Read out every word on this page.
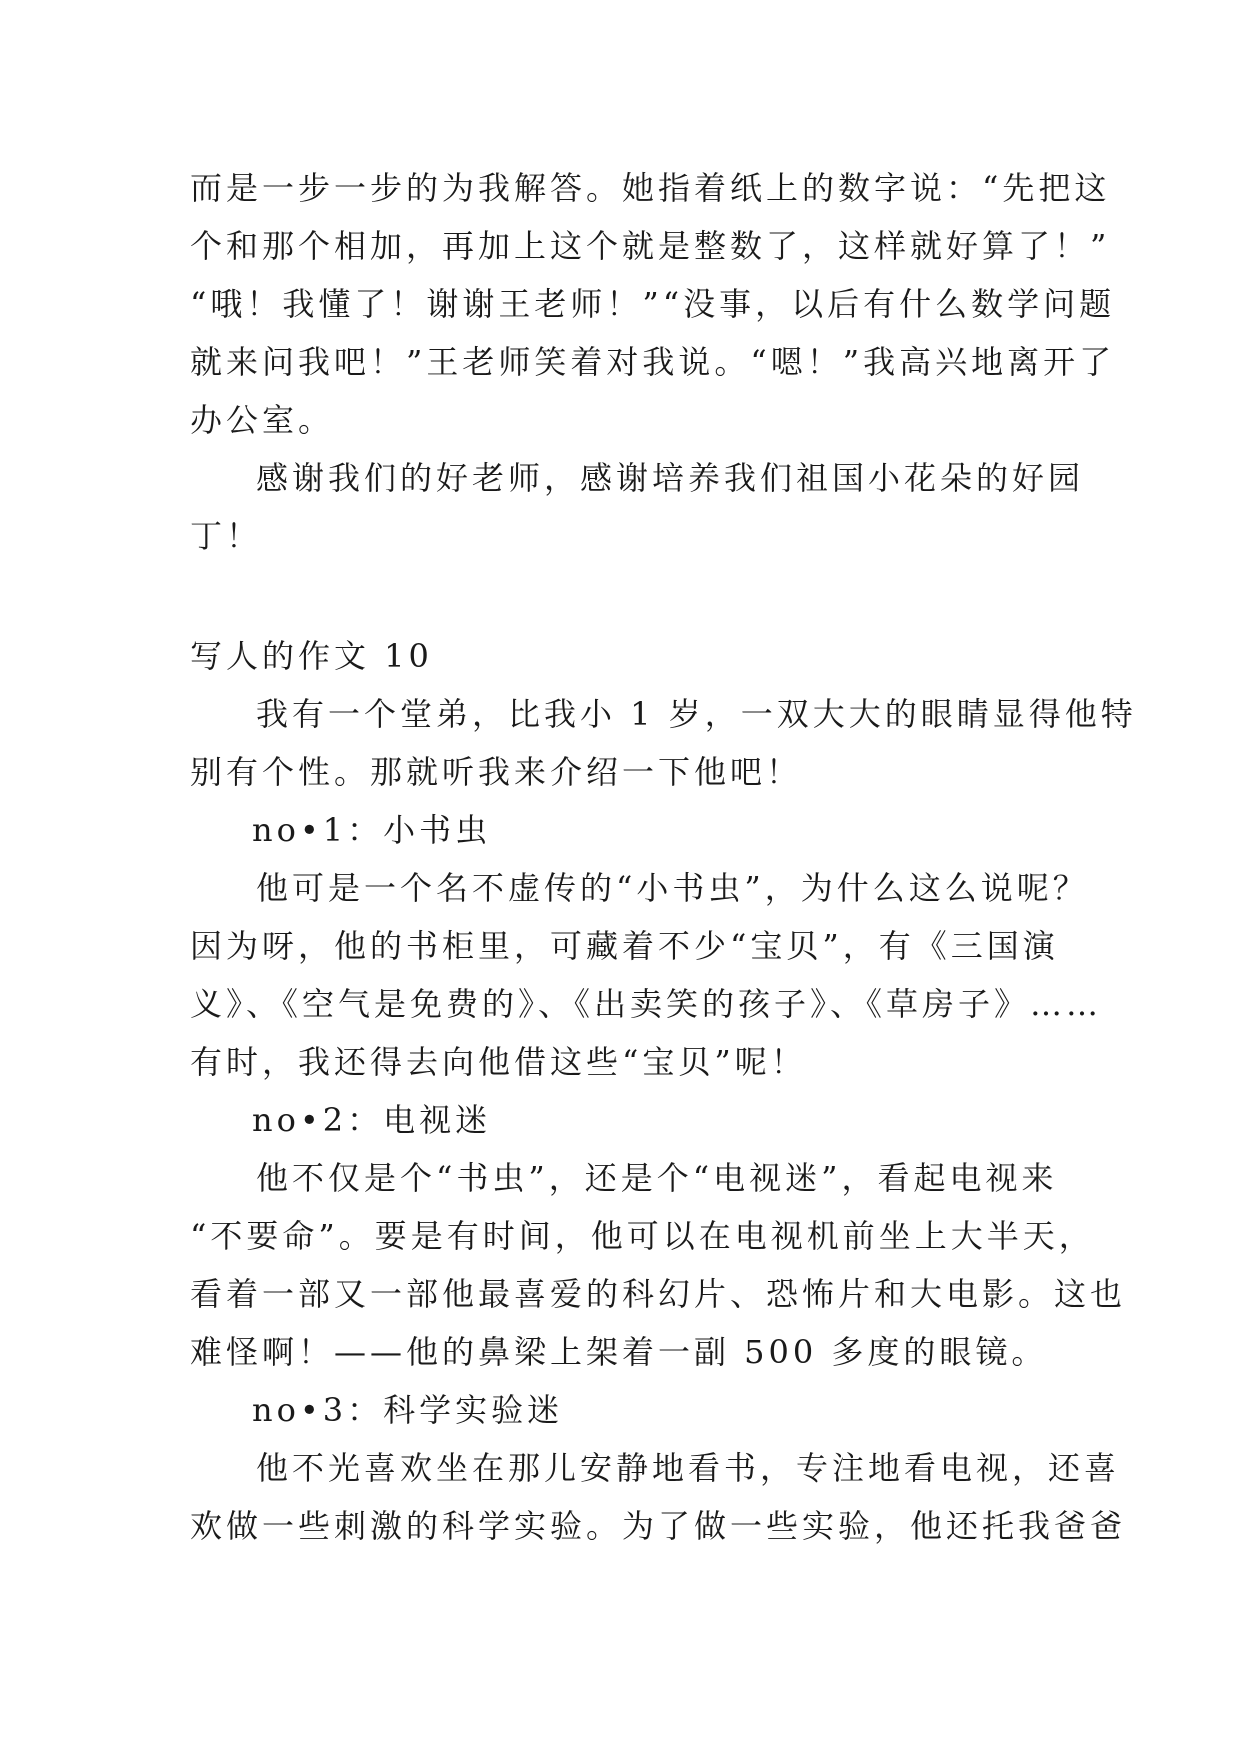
而是一步一步的为我解答。她指着纸上的数字说：“先把这
个和那个相加，再加上这个就是整数了，这样就好算了！”
“哦！我懂了！谢谢王老师！”“没事，以后有什么数学问题
就来问我吧！”王老师笑着对我说。“嗯！”我高兴地离开了
办公室。
感谢我们的好老师，感谢培养我们祖国小花朵的好园
丁！
写人的作文 10
我有一个堂弟，比我小 1 岁，一双大大的眼睛显得他特
别有个性。那就听我来介绍一下他吧！
no•1：小书虫
他可是一个名不虚传的“小书虫”，为什么这么说呢？
因为呀，他的书柜里，可藏着不少“宝贝”，有《三国演
义》、《空气是免费的》、《出卖笑的孩子》、《草房子》……
有时，我还得去向他借这些“宝贝”呢！
no•2：电视迷
他不仅是个“书虫”，还是个“电视迷”，看起电视来
“不要命”。要是有时间，他可以在电视机前坐上大半天，
看着一部又一部他最喜爱的科幻片、恐怖片和大电影。这也
难怪啊！——他的鼻梁上架着一副 500 多度的眼镜。
no•3：科学实验迷
他不光喜欢坐在那儿安静地看书，专注地看电视，还喜
欢做一些刺激的科学实验。为了做一些实验，他还托我爸爸
